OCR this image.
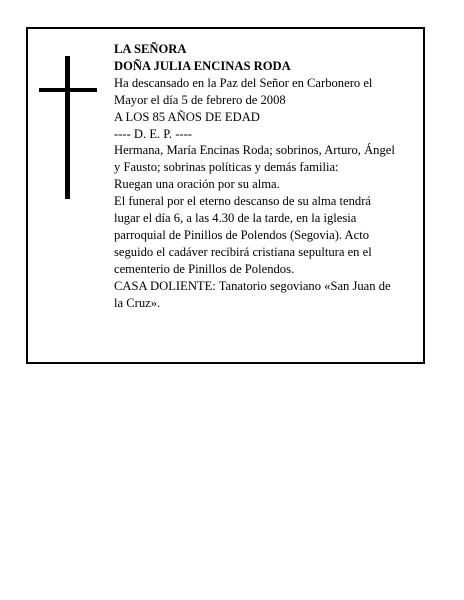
LA SEÑORA
DOÑA JULIA ENCINAS RODA
Ha descansado en la Paz del Señor en Carbonero el
Mayor el día 5 de febrero de 2008
A LOS 85 AÑOS DE EDAD
---- D. E. P. ----
Hermana, María Encinas Roda; sobrinos, Arturo, Ángel
y Fausto; sobrinas políticas y demás familia:
Ruegan una oración por su alma.
El funeral por el eterno descanso de su alma tendrá
lugar el día 6, a las 4.30 de la tarde, en la iglesia
parroquial de Pinillos de Polendos (Segovia). Acto
seguido el cadáver recibirá cristiana sepultura en el
cementerio de Pinillos de Polendos.
CASA DOLIENTE: Tanatorio segoviano «San Juan de
la Cruz».
